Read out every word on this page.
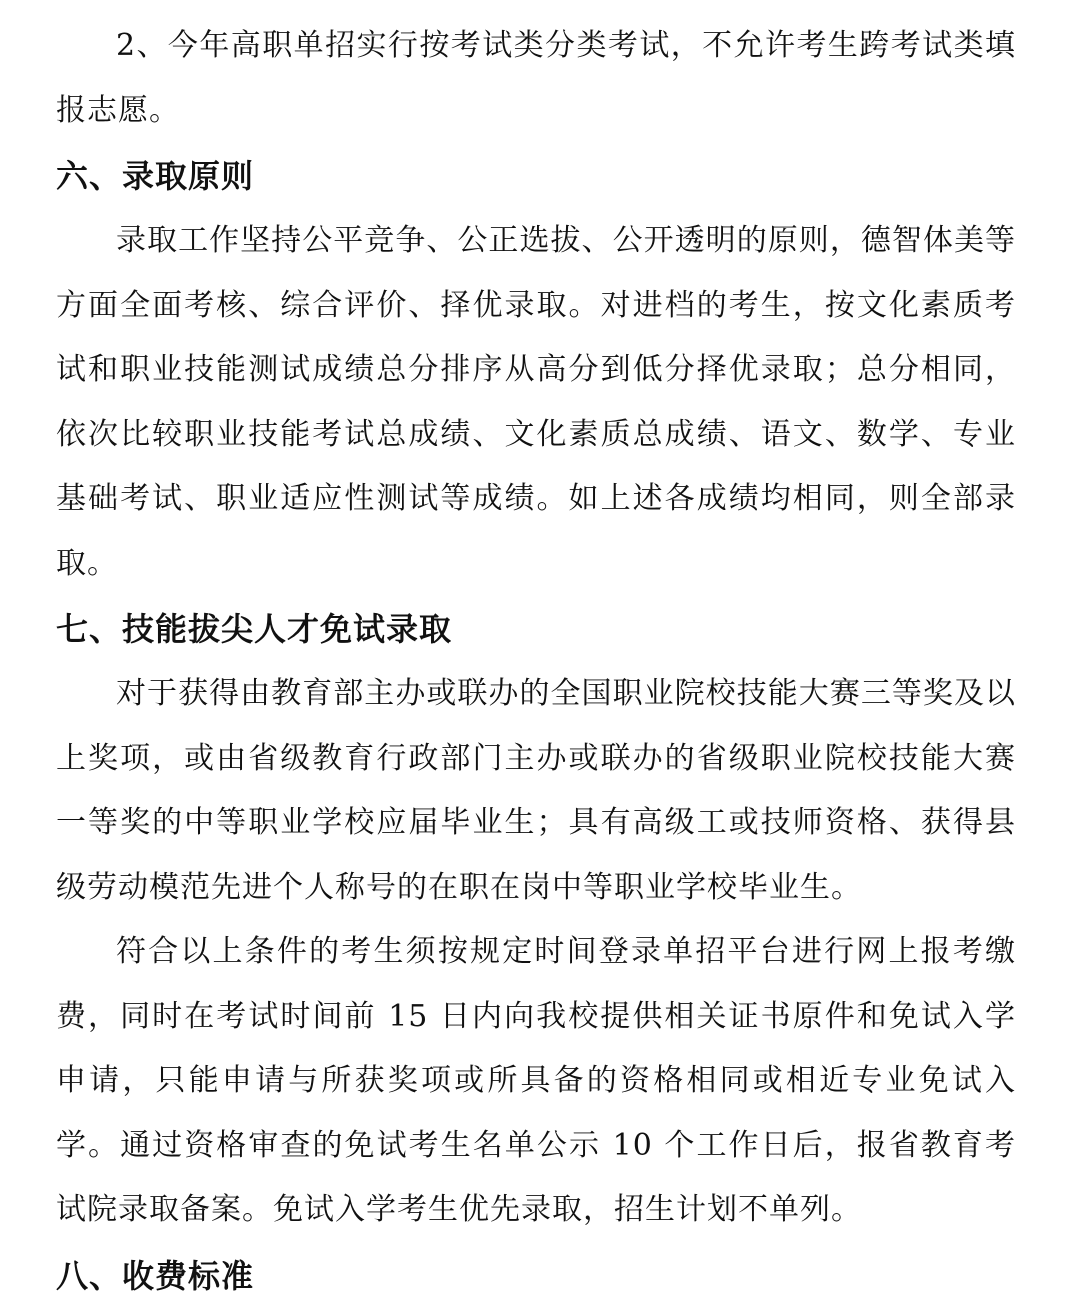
2、今年高职单招实行按考试类分类考试，不允许考生跨考试类填报志愿。

六、录取原则

录取工作坚持公平竞争、公正选拔、公开透明的原则，德智体美等方面全面考核、综合评价、择优录取。对进档的考生，按文化素质考试和职业技能测试成绩总分排序从高分到低分择优录取；总分相同，依次比较职业技能考试总成绩、文化素质总成绩、语文、数学、专业基础考试、职业适应性测试等成绩。如上述各成绩均相同，则全部录取。

七、技能拔尖人才免试录取

对于获得由教育部主办或联办的全国职业院校技能大赛三等奖及以上奖项，或由省级教育行政部门主办或联办的省级职业院校技能大赛一等奖的中等职业学校应届毕业生；具有高级工或技师资格、获得县级劳动模范先进个人称号的在职在岗中等职业学校毕业生。

符合以上条件的考生须按规定时间登录单招平台进行网上报考缴费，同时在考试时间前 15 日内向我校提供相关证书原件和免试入学申请，只能申请与所获奖项或所具备的资格相同或相近专业免试入学。通过资格审查的免试考生名单公示 10 个工作日后，报省教育考试院录取备案。免试入学考生优先录取，招生计划不单列。

八、收费标准
